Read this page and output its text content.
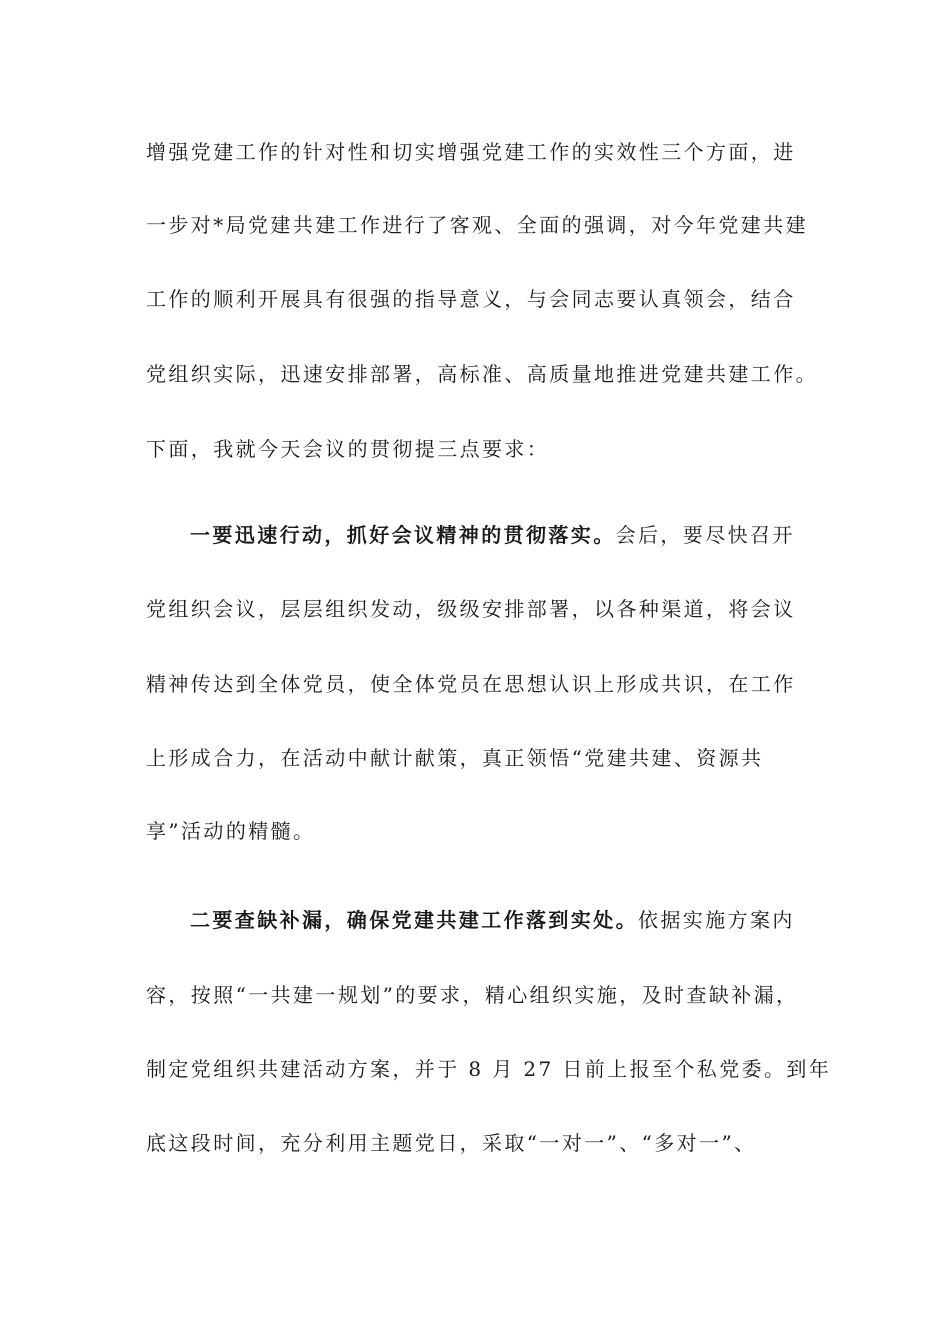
增强党建工作的针对性和切实增强党建工作的实效性三个方面，进
一步对*局党建共建工作进行了客观、全面的强调，对今年党建共建
工作的顺利开展具有很强的指导意义，与会同志要认真领会，结合
党组织实际，迅速安排部署，高标准、高质量地推进党建共建工作。
下面，我就今天会议的贯彻提三点要求：
一要迅速行动，抓好会议精神的贯彻落实。会后，要尽快召开
党组织会议，层层组织发动，级级安排部署，以各种渠道，将会议
精神传达到全体党员，使全体党员在思想认识上形成共识，在工作
上形成合力，在活动中献计献策，真正领悟“党建共建、资源共
享”活动的精髓。
二要查缺补漏，确保党建共建工作落到实处。依据实施方案内
容，按照“一共建一规划”的要求，精心组织实施，及时查缺补漏，
制定党组织共建活动方案，并于 8 月 27 日前上报至个私党委。到年
底这段时间，充分利用主题党日，采取“一对一”、“多对一”、
